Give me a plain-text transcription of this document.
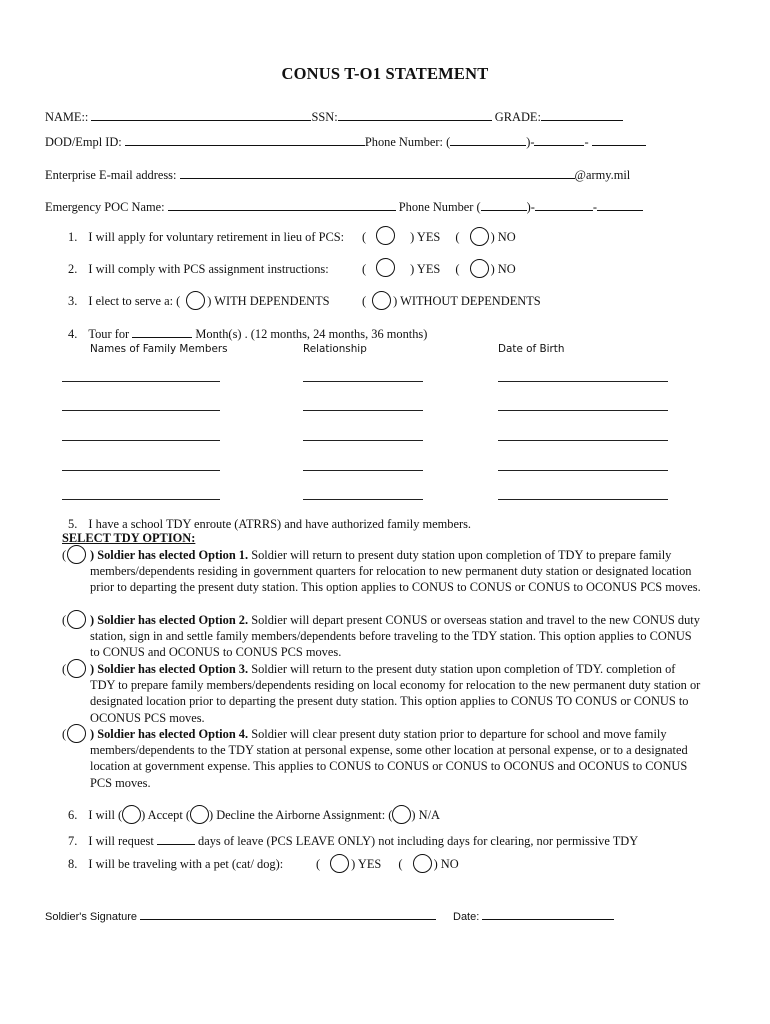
CONUS T-O1 STATEMENT
NAME::	SSN:	GRADE:
DOD/Empl ID:	Phone Number: (	)-	-
Enterprise E-mail address:	@army.mil
Emergency POC Name:	Phone Number (	)-	-
1. I will apply for voluntary retirement in lieu of PCS: (	) YES (	) NO
2. I will comply with PCS assignment instructions:	(	) YES (	) NO
3. I elect to serve a: ( ) WITH DEPENDENTS	( ) WITHOUT DEPENDENTS
4. Tour for	Month(s) . (12 months, 24 months, 36 months)
Names of Family Members	Relationship	Date of Birth
5. I have a school TDY enroute (ATRRS) and have authorized family members.
SELECT TDY OPTION:
( ) Soldier has elected Option 1. Soldier will return to present duty station upon completion of TDY to prepare family members/dependents residing in government quarters for relocation to new permanent duty station or designated location prior to departing the present duty station. This option applies to CONUS to CONUS or CONUS to OCONUS PCS moves.
( ) Soldier has elected Option 2. Soldier will depart present CONUS or overseas station and travel to the new CONUS duty station, sign in and settle family members/dependents before traveling to the TDY station. This option applies to CONUS to CONUS and OCONUS to CONUS PCS moves.
( ) Soldier has elected Option 3. Soldier will return to the present duty station upon completion of TDY. completion of TDY to prepare family members/dependents residing on local economy for relocation to the new permanent duty station or designated location prior to departing the present duty station. This option applies to CONUS TO CONUS or CONUS to OCONUS PCS moves.
( ) Soldier has elected Option 4. Soldier will clear present duty station prior to departure for school and move family members/dependents to the TDY station at personal expense, some other location at personal expense, or to a designated location at government expense. This applies to CONUS to CONUS or CONUS to OCONUS and OCONUS to CONUS PCS moves.
6. I will ( ) Accept ( ) Decline the Airborne Assignment: ( ) N/A
7. I will request	days of leave (PCS LEAVE ONLY) not including days for clearing, nor permissive TDY
8. I will be traveling with a pet (cat/ dog):	(	) YES (	) NO
Soldier's Signature	Date:
